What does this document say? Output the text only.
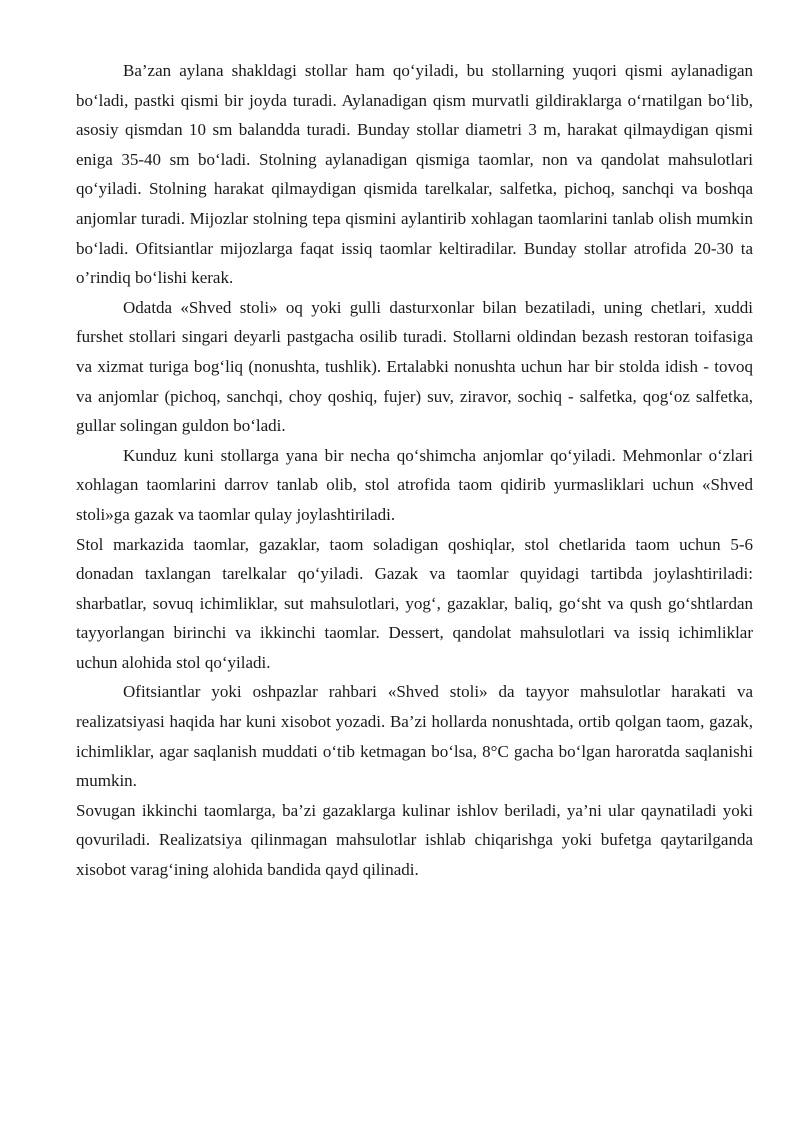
Ba’zan aylana shakldagi stollar ham qo‘yiladi, bu stollarning yuqori qismi aylanadigan bo‘ladi, pastki qismi bir joyda turadi. Aylanadigan qism murvatli gildiraklarga o‘rnatilgan bo‘lib, asosiy qismdan 10 sm balandda turadi. Bunday stollar diametri 3 m, harakat qilmaydigan qismi eniga 35-40 sm bo‘ladi. Stolning aylanadigan qismiga taomlar, non va qandolat mahsulotlari qo‘yiladi. Stolning harakat qilmaydigan qismida tarelkalar, salfetka, pichoq, sanchqi va boshqa anjomlar turadi. Mijozlar stolning tepa qismini aylantirib xohlagan taomlarini tanlab olish mumkin bo‘ladi. Ofitsiantlar mijozlarga faqat issiq taomlar keltiradilar. Bunday stollar atrofida 20-30 ta o’rindiq bo‘lishi kerak.

Odatda «Shved stoli» oq yoki gulli dasturxonlar bilan bezatiladi, uning chetlari, xuddi furshet stollari singari deyarli pastgacha osilib turadi. Stollarni oldindan bezash restoran toifasiga va xizmat turiga bog‘liq (nonushta, tushlik). Ertalabki nonushta uchun har bir stolda idish - tovoq va anjomlar (pichoq, sanchqi, choy qoshiq, fujer) suv, ziravor, sochiq - salfetka, qog‘oz salfetka, gullar solingan guldon bo‘ladi.

Kunduz kuni stollarga yana bir necha qo‘shimcha anjomlar qo‘yiladi. Mehmonlar o‘zlari xohlagan taomlarini darrov tanlab olib, stol atrofida taom qidirib yurmasliklari uchun «Shved stoli»ga gazak va taomlar qulay joylashtiriladi.

Stol markazida taomlar, gazaklar, taom soladigan qoshiqlar, stol chetlarida taom uchun 5-6 donadan taxlangan tarelkalar qo‘yiladi. Gazak va taomlar quyidagi tartibda joylashtiriladi: sharbatlar, sovuq ichimliklar, sut mahsulotlari, yog‘, gazaklar, baliq, go‘sht va qush go‘shtlardan tayyorlangan birinchi va ikkinchi taomlar. Dessert, qandolat mahsulotlari va issiq ichimliklar uchun alohida stol qo‘yiladi.

Ofitsiantlar yoki oshpazlar rahbari «Shved stoli» da tayyor mahsulotlar harakati va realizatsiyasi haqida har kuni xisobot yozadi. Ba’zi hollarda nonushtada, ortib qolgan taom, gazak, ichimliklar, agar saqlanish muddati o‘tib ketmagan bo‘lsa, 8°C gacha bo‘lgan haroratda saqlanishi mumkin.

Sovugan ikkinchi taomlarga, ba’zi gazaklarga kulinar ishlov beriladi, ya’ni ular qaynatiladi yoki qovuriladi. Realizatsiya qilinmagan mahsulotlar ishlab chiqarishga yoki bufetga qaytarilganda xisobot varag‘ining alohida bandida qayd qilinadi.
